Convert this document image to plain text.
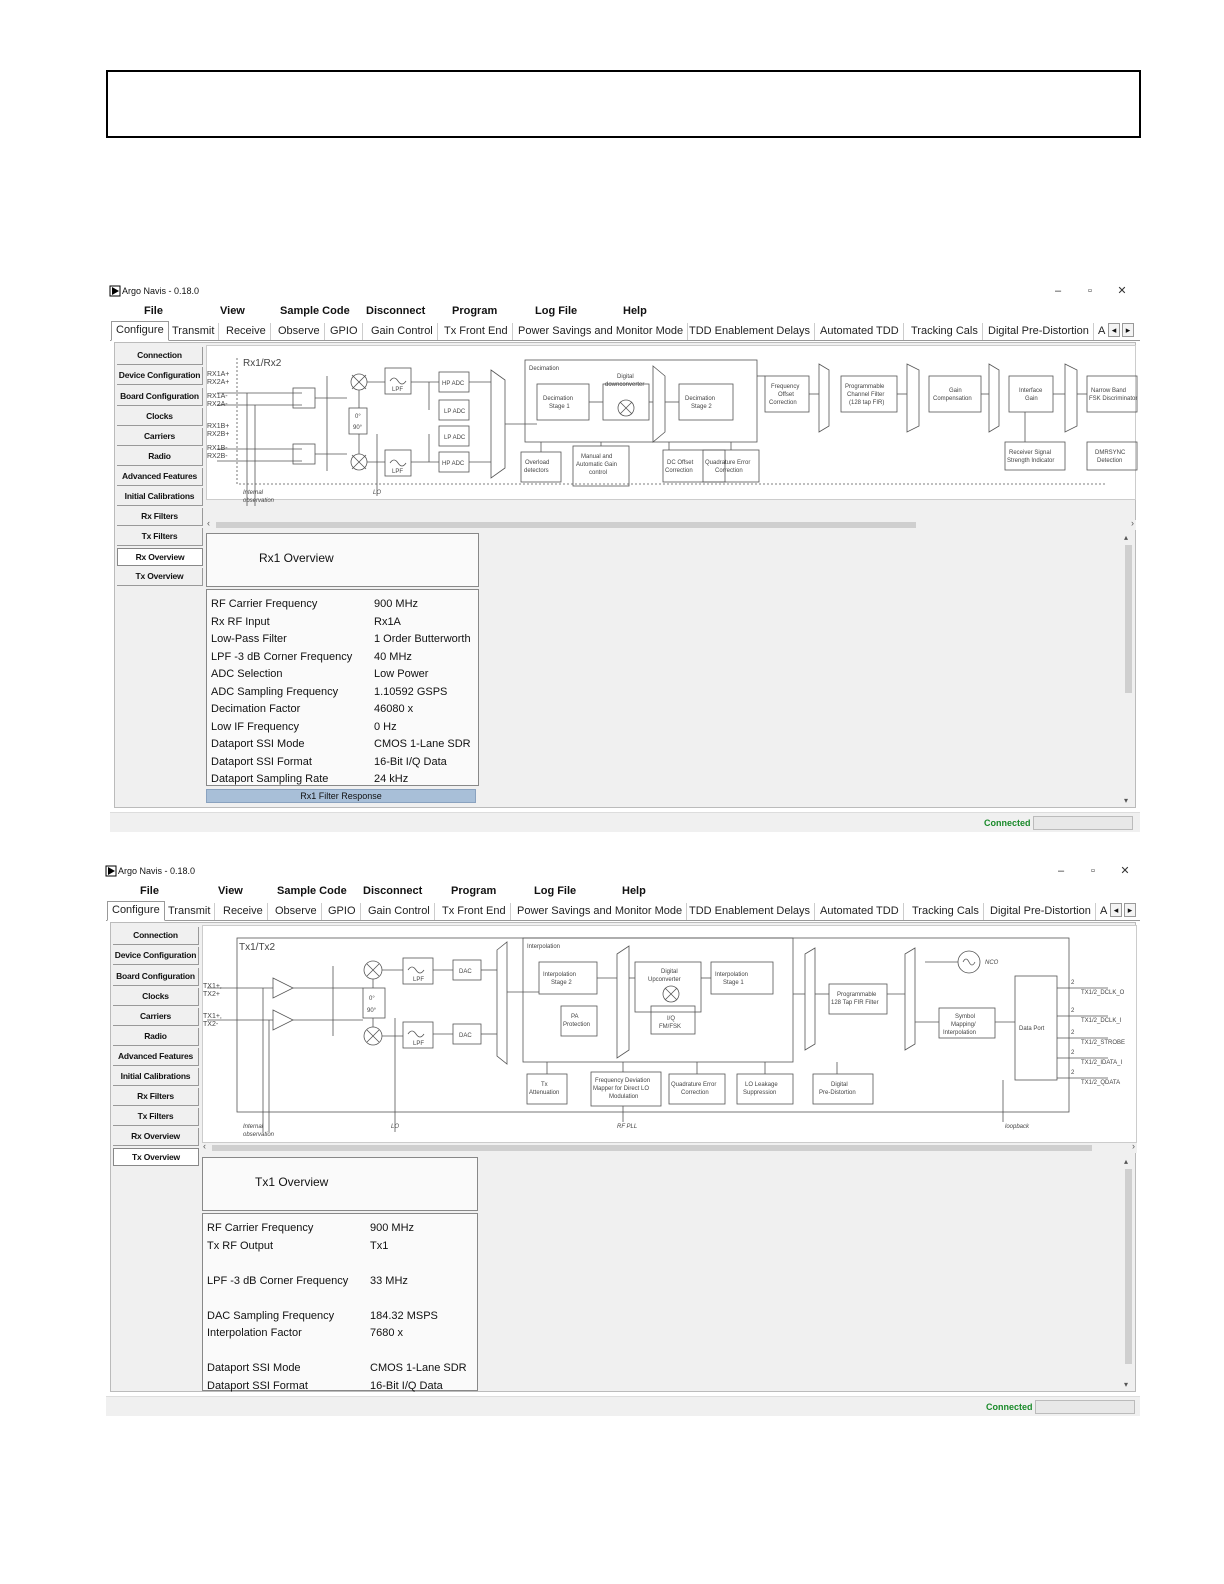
Argo Navis - 0.18.0	–	▫	✕
File	View	Sample Code Disconnect Program	Log File	Help
Configure Transmit	Receive	Observe GPIO	Gain Control	Tx Front End Power Savings and Monitor Mode TDD Enablement Delays Automated TDD	Tracking Cals Digital Pre-Distortion A ◂	▸
Connection
Device Configuration
Board Configuration
Clocks
Carriers
Radio
Advanced Features
Initial Calibrations
Rx Filters
Tx Filters
Rx Overview
Tx Overview
Rx1/Rx2
RX1A+
RX2A+
RX1A-
RX2A-
RX1B+
RX2B+
RX1B-
RX2B-
0°
90°
LPF
LPF
HP ADC
LP ADC
LP ADC
HP ADC
Decimation
Decimation
Stage 1
Digital
downconverter
Decimation
Stage 2
Frequency
Offset
Correction
Programmable
Channel Filter
(128 tap FIR)
Gain
Compensation
Interface
Gain
Narrow Band
FSK Discriminator
Overload
detectors
Manual and
Automatic Gain
control
DC Offset
Correction
Quadrature Error
Correction
Receiver Signal
Strength Indicator
DMRSYNC
Detection
Internal
observation
LO
‹	›
Rx1 Overview
RF Carrier Frequency	900 MHz
Rx RF Input	Rx1A
Low-Pass Filter	1 Order Butterworth
LPF -3 dB Corner Frequency 40 MHz
ADC Selection	Low Power
ADC Sampling Frequency	1.10592 GSPS
Decimation Factor	46080 x
Low IF Frequency	0 Hz
Dataport SSI Mode	CMOS 1-Lane SDR
Dataport SSI Format	16-Bit I/Q Data
Dataport Sampling Rate	24 kHz
Rx1 Filter Response
▴
▾
Connected
Argo Navis - 0.18.0	–	▫	✕
File	View	Sample Code Disconnect	Program	Log File	Help
Configure Transmit	Receive	Observe	GPIO	Gain Control	Tx Front End	Power Savings and Monitor Mode TDD Enablement Delays Automated TDD	Tracking Cals	Digital Pre-Distortion A ◂	▸
Connection
Device Configuration
Board Configuration
Clocks
Carriers
Radio
Advanced Features
Initial Calibrations
Rx Filters
Tx Filters
Rx Overview
Tx Overview
Tx1/Tx2
TX1+,
TX2+
TX1+,
TX2-
0°
90°
LPF
LPF
DAC
DAC
Interpolation
Interpolation
Stage 2
PA
Protection
Digital
Upconverter
I/Q
FM/FSK
Interpolation
Stage 1
Programmable
128 Tap FIR Filter
NCO
Symbol
Mapping/
Interpolation
Data Port
Tx
Attenuation
Frequency Deviation
Mapper for Direct LO
Modulation
Quadrature Error
Correction
LO Leakage
Suppression
Digital
Pre-Distortion
2
TX1/2_DCLK_O
2
TX1/2_DCLK_I
2
TX1/2_STROBE
2
TX1/2_IDATA_I
2
TX1/2_QDATA
Internal
observation
LO	RF PLL	loopback
‹	›
Tx1 Overview
RF Carrier Frequency	900 MHz
Tx RF Output	Tx1
LPF -3 dB Corner Frequency 33 MHz
DAC Sampling Frequency	184.32 MSPS
Interpolation Factor	7680 x
Dataport SSI Mode	CMOS 1-Lane SDR
Dataport SSI Format	16-Bit I/Q Data
▴
▾
Connected
